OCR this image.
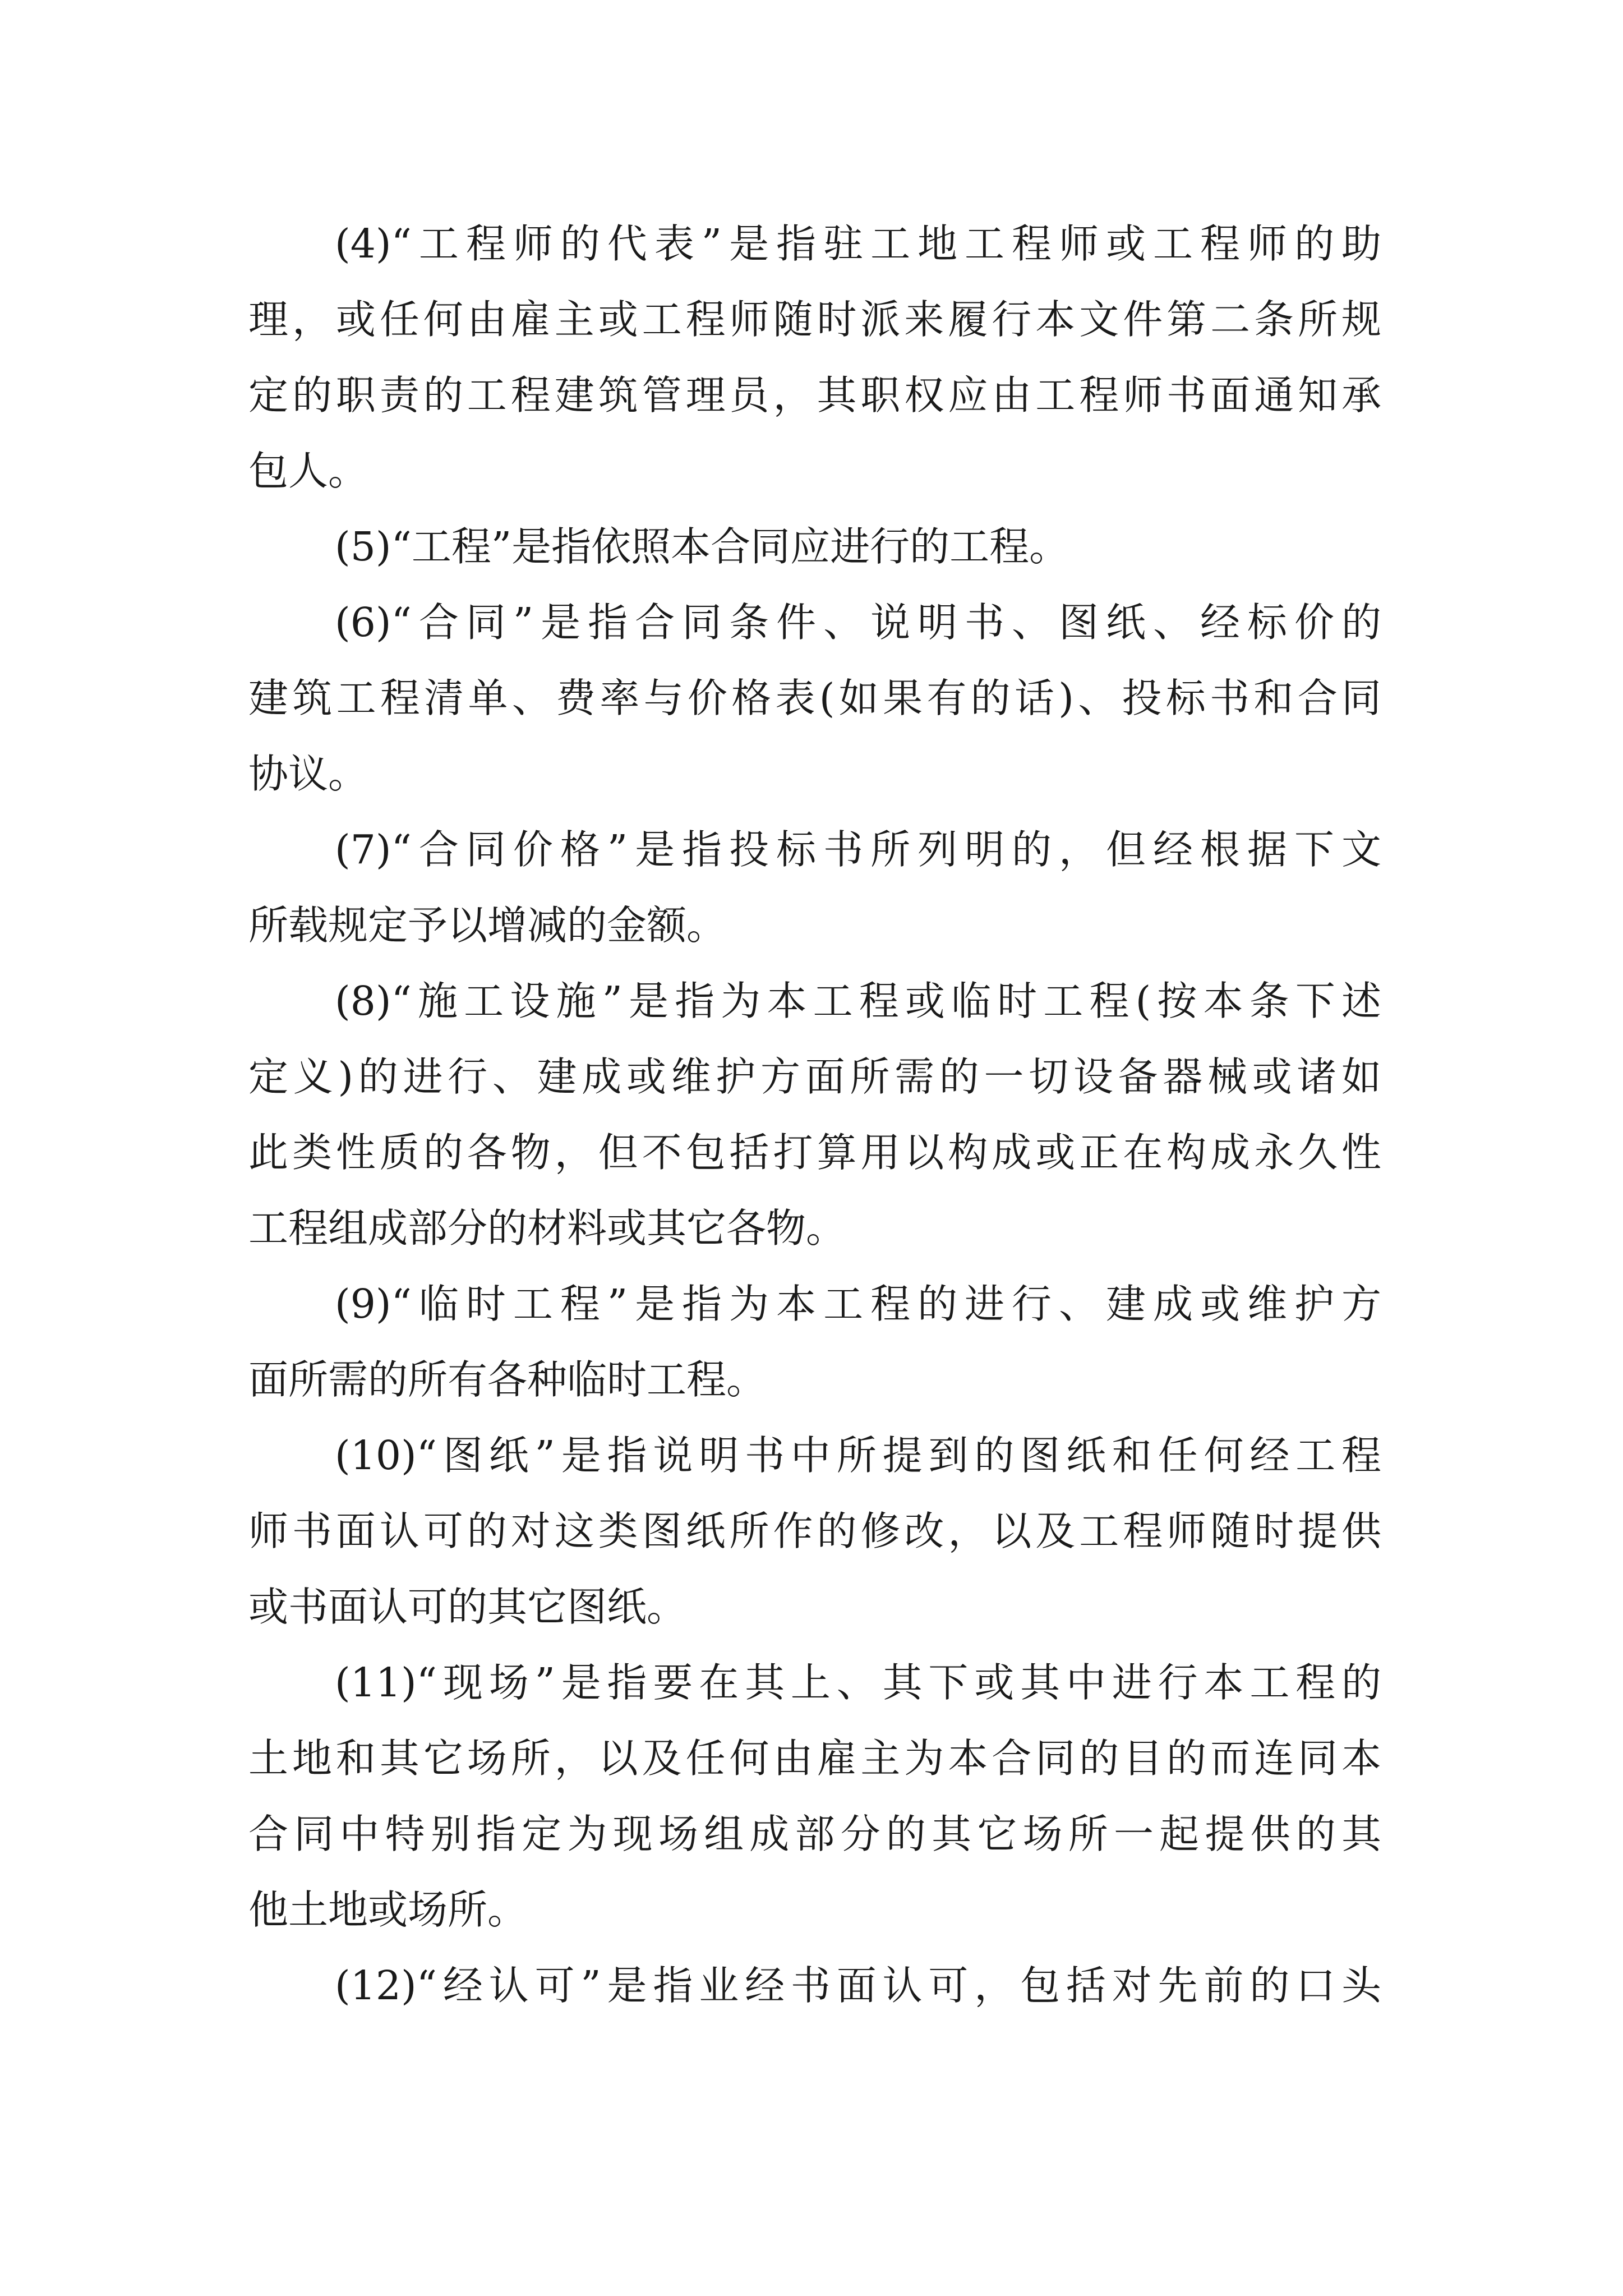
(4)“工程师的代表”是指驻工地工程师或工程师的助

理，或任何由雇主或工程师随时派来履行本文件第二条所规

定的职责的工程建筑管理员，其职权应由工程师书面通知承

包人。

(5)“工程”是指依照本合同应进行的工程。

(6)“合同”是指合同条件、说明书、图纸、经标价的

建筑工程清单、费率与价格表(如果有的话)、投标书和合同

协议。

(7)“合同价格”是指投标书所列明的，但经根据下文

所载规定予以增减的金额。

(8)“施工设施”是指为本工程或临时工程(按本条下述

定义)的进行、建成或维护方面所需的一切设备器械或诸如

此类性质的各物，但不包括打算用以构成或正在构成永久性

工程组成部分的材料或其它各物。

(9)“临时工程”是指为本工程的进行、建成或维护方

面所需的所有各种临时工程。

(10)“图纸”是指说明书中所提到的图纸和任何经工程

师书面认可的对这类图纸所作的修改，以及工程师随时提供

或书面认可的其它图纸。

(11)“现场”是指要在其上、其下或其中进行本工程的

土地和其它场所，以及任何由雇主为本合同的目的而连同本

合同中特别指定为现场组成部分的其它场所一起提供的其

他土地或场所。

(12)“经认可”是指业经书面认可，包括对先前的口头
